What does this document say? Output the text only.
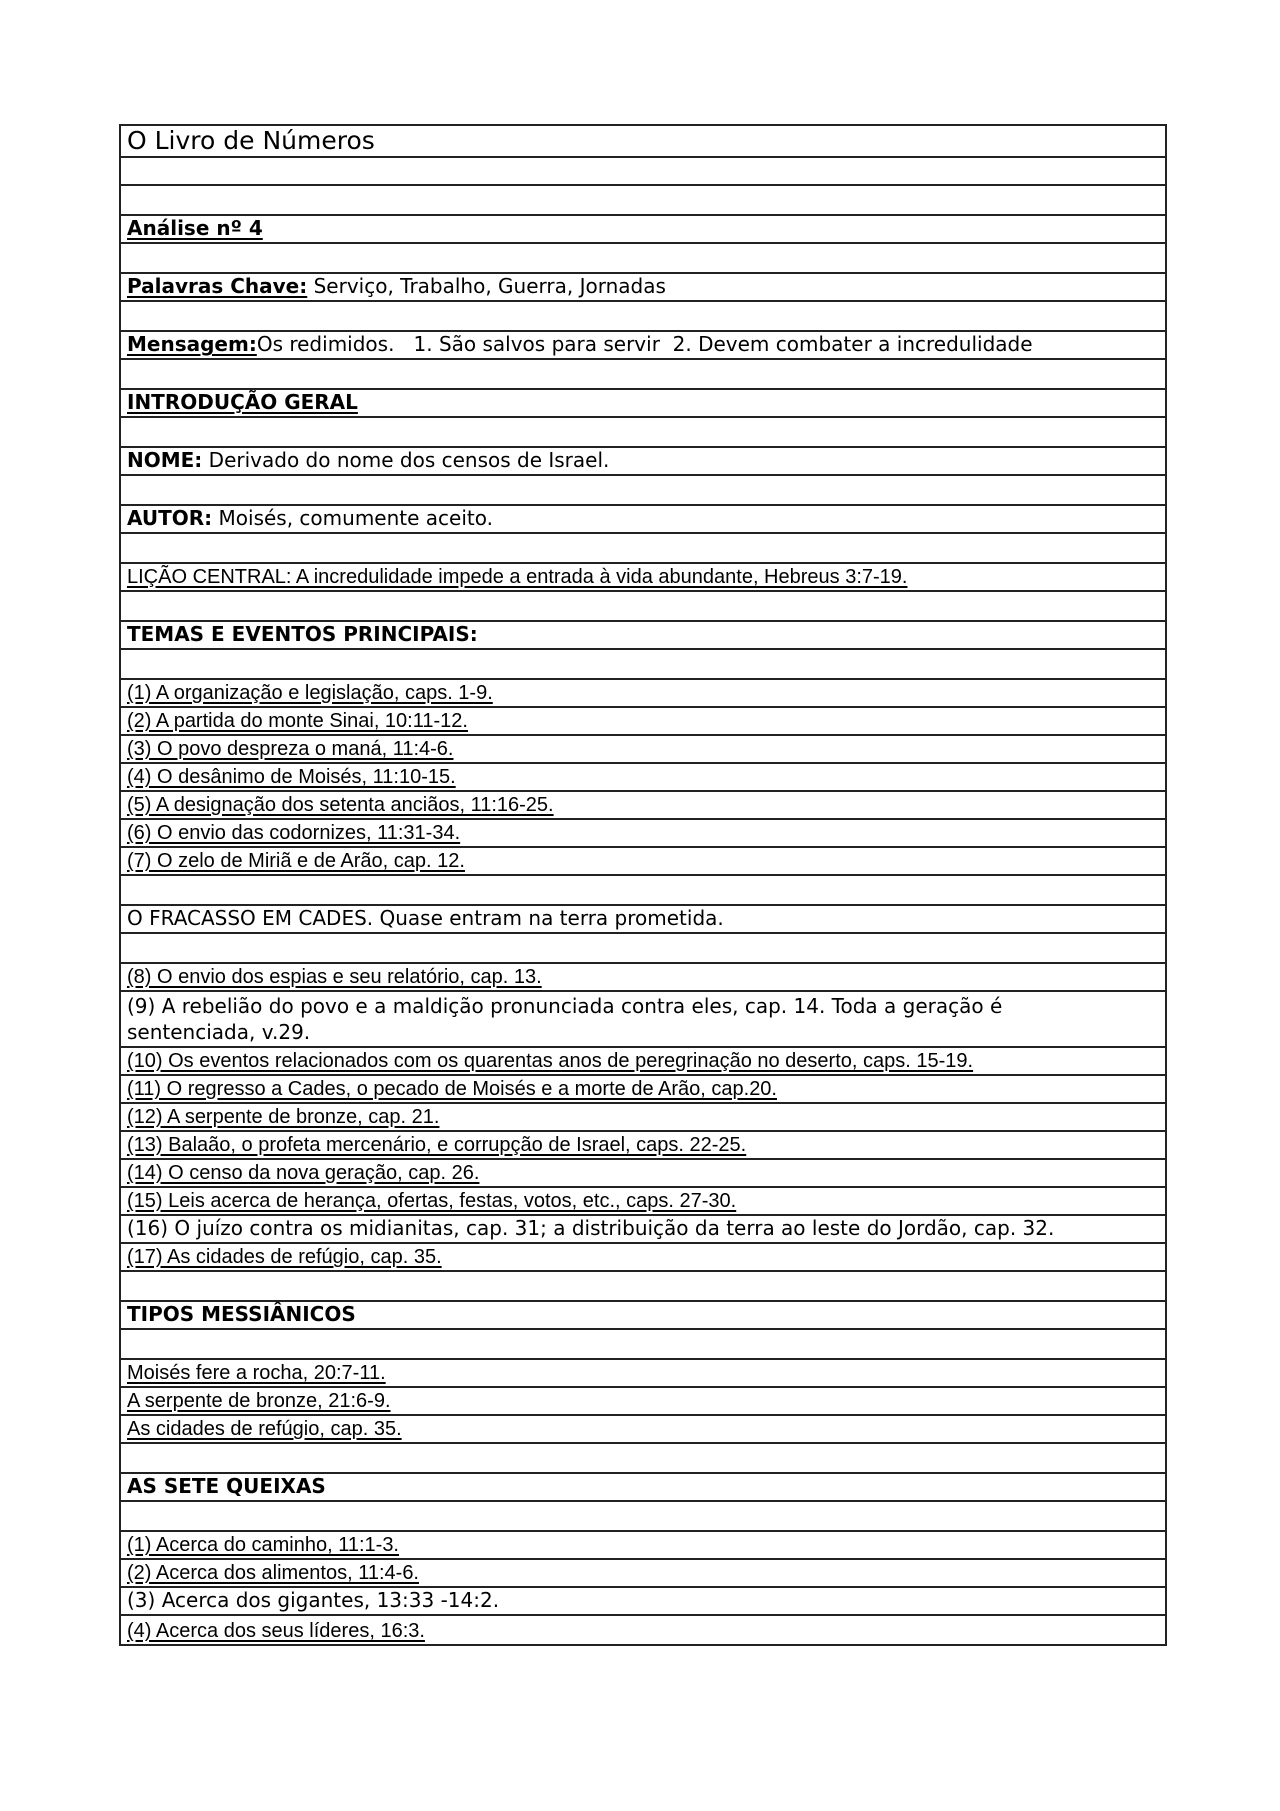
O Livro de Números
Análise nº 4
Palavras Chave: Serviço, Trabalho, Guerra, Jornadas
Mensagem: Os redimidos.   1. São salvos para servir  2. Devem combater a incredulidade
INTRODUÇÃO GERAL
NOME: Derivado do nome dos censos de Israel.
AUTOR: Moisés, comumente aceito.
LIÇÃO CENTRAL: A incredulidade impede a entrada à vida abundante, Hebreus 3:7-19.
TEMAS E EVENTOS PRINCIPAIS:
(1) A organização e legislação, caps. 1-9.
(2) A partida do monte Sinai, 10:11-12.
(3) O povo despreza o maná, 11:4-6.
(4) O desânimo de Moisés, 11:10-15.
(5) A designação dos setenta anciãos, 11:16-25.
(6) O envio das codornizes, 11:31-34.
(7) O zelo de Miriã e de Arão, cap. 12.
O FRACASSO EM CADES. Quase entram na terra prometida.
(8) O envio dos espias e seu relatório, cap. 13.
(9) A rebelião do povo e a maldição pronunciada contra eles, cap. 14. Toda a geração é
sentenciada, v.29.
(10) Os eventos relacionados com os quarentas anos de peregrinação no deserto, caps. 15-19.
(11) O regresso a Cades, o pecado de Moisés e a morte de Arão, cap.20.
(12) A serpente de bronze, cap. 21.
(13) Balaão, o profeta mercenário, e corrupção de Israel, caps. 22-25.
(14) O censo da nova geração, cap. 26.
(15) Leis acerca de herança, ofertas, festas, votos, etc., caps. 27-30.
(16) O juízo contra os midianitas, cap. 31; a distribuição da terra ao leste do Jordão, cap. 32.
(17) As cidades de refúgio, cap. 35.
TIPOS MESSIÂNICOS
Moisés fere a rocha, 20:7-11.
A serpente de bronze, 21:6-9.
As cidades de refúgio, cap. 35.
AS SETE QUEIXAS
(1) Acerca do caminho, 11:1-3.
(2) Acerca dos alimentos, 11:4-6.
(3) Acerca dos gigantes, 13:33 -14:2.
(4) Acerca dos seus líderes, 16:3.
